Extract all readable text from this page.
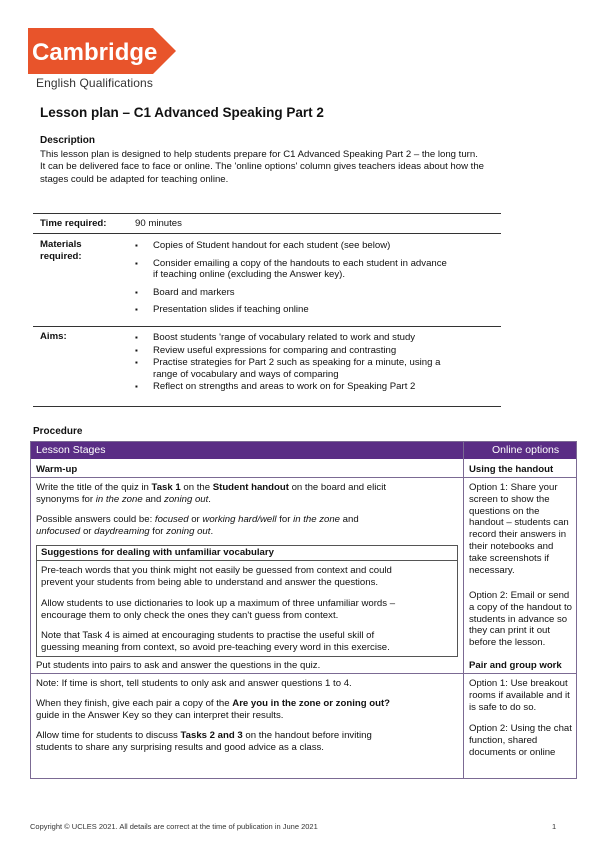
Cambridge
English Qualifications
Lesson plan – C1 Advanced Speaking Part 2
Description
This lesson plan is designed to help students prepare for C1 Advanced Speaking Part 2 – the long turn.
It can be delivered face to face or online. The 'online options' column gives teachers ideas about how the
stages could be adapted for teaching online.
Time required:	90 minutes
Materials
required:
▪ Copies of Student handout for each student (see below)
▪ Consider emailing a copy of the handouts to each student in advance
if teaching online (excluding the Answer key).
▪ Board and markers
▪ Presentation slides if teaching online
Aims:
▪	Boost students 'range of vocabulary related to work and study
▪ Review useful expressions for comparing and contrasting
▪ Practise strategies for Part 2 such as speaking for a minute, using a
range of vocabulary and ways of comparing
▪ Reflect on strengths and areas to work on for Speaking Part 2
Procedure
Lesson Stages	Online options
Warm-up
Write the title of the quiz in Task 1 on the Student handout on the board and elicit
synonyms for in the zone and zoning out.
Possible answers could be: focused or working hard/well for in the zone and
unfocused or daydreaming for zoning out.
Suggestions for dealing with unfamiliar vocabulary
Pre-teach words that you think might not easily be guessed from context and could
prevent your students from being able to understand and answer the questions.
Allow students to use dictionaries to look up a maximum of three unfamiliar words –
encourage them to only check the ones they can't guess from context.
Note that Task 4 is aimed at encouraging students to practise the useful skill of
guessing meaning from context, so avoid pre-teaching every word in this exercise.
Put students into pairs to ask and answer the questions in the quiz.
Note: If time is short, tell students to only ask and answer questions 1 to 4.
When they finish, give each pair a copy of the Are you in the zone or zoning out?
guide in the Answer Key so they can interpret their results.
Allow time for students to discuss Tasks 2 and 3 on the handout before inviting
students to share any surprising results and good advice as a class.
Using the handout
Option 1: Share your
screen to show the
questions on the
handout – students can
record their answers in
their notebooks and
take screenshots if
necessary.
Option 2: Email or send
a copy of the handout to
students in advance so
they can print it out
before the lesson.
Pair and group work
Option 1: Use breakout
rooms if available and it
is safe to do so.
Option 2: Using the chat
function, shared
documents or online
Copyright © UCLES 2021. All details are correct at the time of publication in June 2021	1
